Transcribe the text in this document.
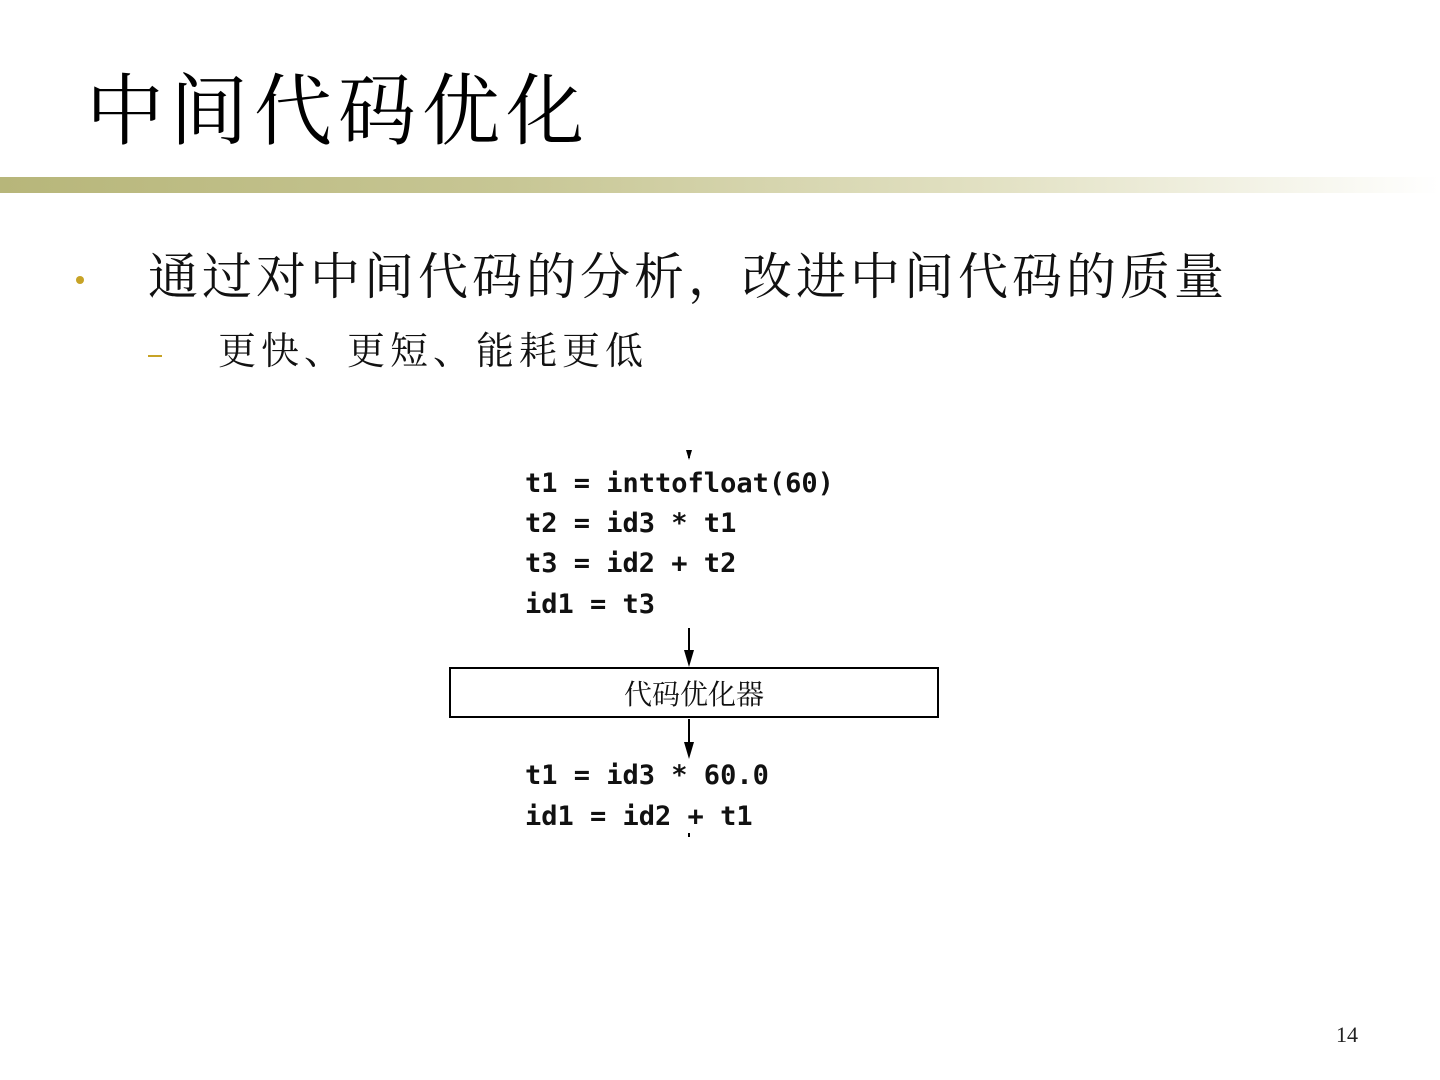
中间代码优化
通过对中间代码的分析，改进中间代码的质量
更快、更短、能耗更低
t1 = inttofloat(60)
t2 = id3 * t1
t3 = id2 + t2
id1 = t3
代码优化器
t1 = id3 * 60.0
id1 = id2 + t1
14
